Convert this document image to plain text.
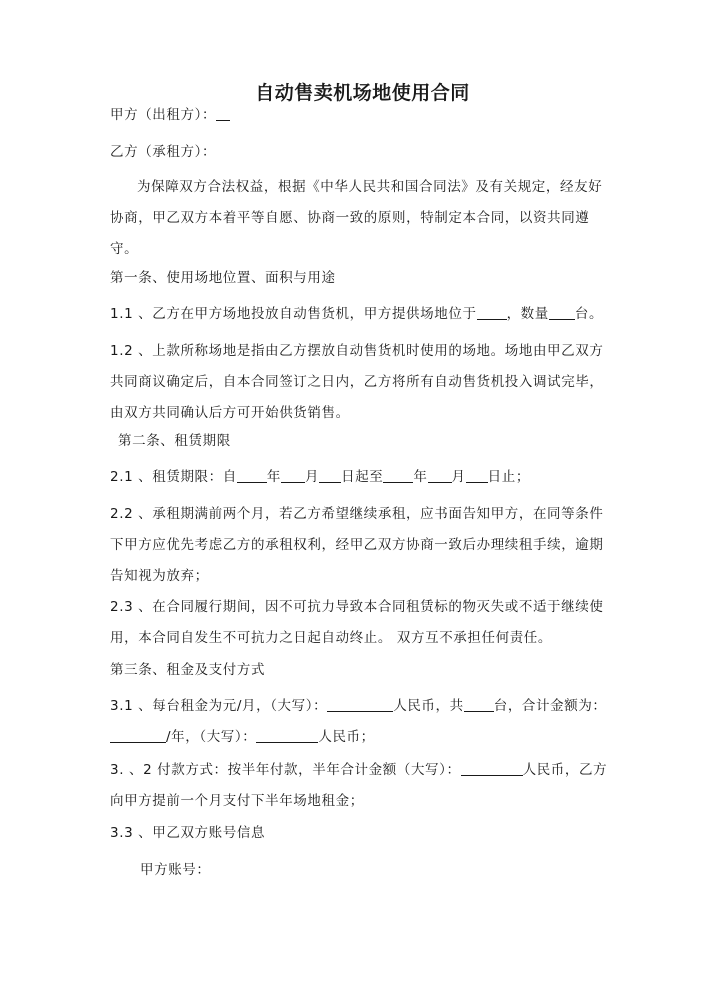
自动售卖机场地使用合同
甲方（出租方）：
乙方（承租方）：
为保障双方合法权益，根据《中华人民共和国合同法》及有关规定，经友好协商，甲乙双方本着平等自愿、协商一致的原则，特制定本合同，以资共同遵守。
第一条、使用场地位置、面积与用途
1.1 、乙方在甲方场地投放自动售货机，甲方提供场地位于 ，数量 台。
1.2 、上款所称场地是指由乙方摆放自动售货机时使用的场地。场地由甲乙双方共同商议确定后，自本合同签订之日内，乙方将所有自动售货机投入调试完毕，由双方共同确认后方可开始供货销售。
第二条、租赁期限
2.1 、租赁期限：自 年 月 日起至 年 月 日止；
2.2 、承租期满前两个月，若乙方希望继续承租，应书面告知甲方，在同等条件下甲方应优先考虑乙方的承租权利，经甲乙双方协商一致后办理续租手续，逾期告知视为放弃；
2.3 、在合同履行期间，因不可抗力导致本合同租赁标的物灭失或不适于继续使用，本合同自发生不可抗力之日起自动终止。 双方互不承担任何责任。
第三条、租金及支付方式
3.1 、每台租金为元/月，（大写）：	人民币，共 台，合计金额为：/年，（大写）：	人民币；
3. 、2 付款方式：按半年付款，半年合计金额（大写）：	人民币，乙方向甲方提前一个月支付下半年场地租金；
3.3 、甲乙双方账号信息
甲方账号：
